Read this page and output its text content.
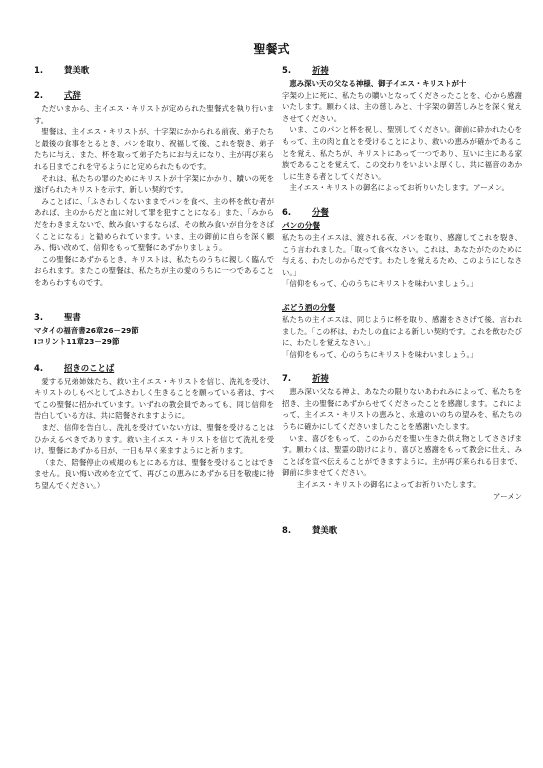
聖餐式
1.	賛美歌
2.	式辞

ただいまから、主イエス・キリストが定められた聖餐式を執り行います。

聖餐は、主イエス・キリストが、十字架にかかられる前夜、弟子たちと最後の食事をとるとき、パンを取り、祝福して後、これを裂き、弟子たちに与え、また、杯を取って弟子たちにお与えになり、主が再び来られる日までこれを守るようにと定められたものです。

それは、私たちの罪のためにキリストが十字架にかかり、贖いの死を遂げられたキリストを示す、新しい契約です。

みことばに、「ふさわしくないままでパンを食べ、主の杯を飲む者があれば、主のからだと血に対して罪を犯すことになる」また、「みからだをわきまえないで、飲み食いするならば、その飲み食いが自分をさばくことになる」と勧められています。いま、主の御前に自らを深く顧み、悔い改めて、信仰をもって聖餐にあずかりましょう。

この聖餐にあずかるとき、キリストは、私たちのうちに親しく臨んでおられます。またこの聖餐は、私たちが主の愛のうちに一つであることをあらわすものです。

3.	聖書
マタイの福音書26章26－29節
Ⅰコリント11章23－29節
4.	招きのことば

愛する兄弟姉妹たち、救い主イエス・キリストを信じ、洗礼を受け、キリストのしもべとしてふさわしく生きることを願っている者は、すべてこの聖餐に招かれています。いずれの教会員であっても、同じ信仰を告白している方は、共に陪餐されますように。

まだ、信仰を告白し、洗礼を受けていない方は、聖餐を受けることはひかえるべきであります。救い主イエス・キリストを信じて洗礼を受け、聖餐にあずかる日が、一日も早く来ますようにと祈ります。

（また、陪餐停止の戒規のもとにある方は、聖餐を受けることはできません。良い悔い改めを立てて、再びこの恵みにあずかる日を敬虔に待ち望んでください。）

5.	祈祷

恵み深い天の父なる神様、御子イエス・キリストが十

字架の上に死に、私たちの贖いとなってくださったことを、心から感謝いたします。願わくは、主の慈しみと、十字架の御苦しみとを深く覚えさせてください。

いま、このパンと杯を祝し、聖別してください。御前に砕かれた心をもって、主の肉と血とを受けることにより、救いの恵みが確かであることを覚え、私たちが、キリストにあって一つであり、互いに主にある家族であることを覚えて、この交わりをいよいよ厚くし、共に福音のあかしに生きる者としてください。

主イエス・キリストの御名によってお祈りいたします。アーメン。

6.	分餐
パンの分餐

私たちの主イエスは、渡される夜、パンを取り、感謝してこれを裂き、こう言われました。「取って食べなさい。これは、あなたがたのために与える、わたしのからだです。わたしを覚えるため、このようにしなさい。」

「信仰をもって、心のうちにキリストを味わいましょう。」

ぶどう酒の分餐

私たちの主イエスは、同じように杯を取り、感謝をささげて後、言われました。「この杯は、わたしの血による新しい契約です。これを飲むたびに、わたしを覚えなさい。」

「信仰をもって、心のうちにキリストを味わいましょう。」

7.	祈祷

恵み深い父なる神よ、あなたの限りないあわれみによって、私たちを招き、主の聖餐にあずからせてくださったことを感謝します。これによって、主イエス・キリストの恵みと、永遠のいのちの望みを、私たちのうちに確かにしてくださいましたことを感謝いたします。

いま、喜びをもって、このからだを聖い生きた供え物としてささげます。願わくは、聖霊の助けにより、喜びと感謝をもって教会に仕え、みことばを宣べ伝えることができますように。主が再び来られる日まで、御前に歩ませてください。

主イエス・キリストの御名によってお祈りいたします。

アーメン

8.	賛美歌
